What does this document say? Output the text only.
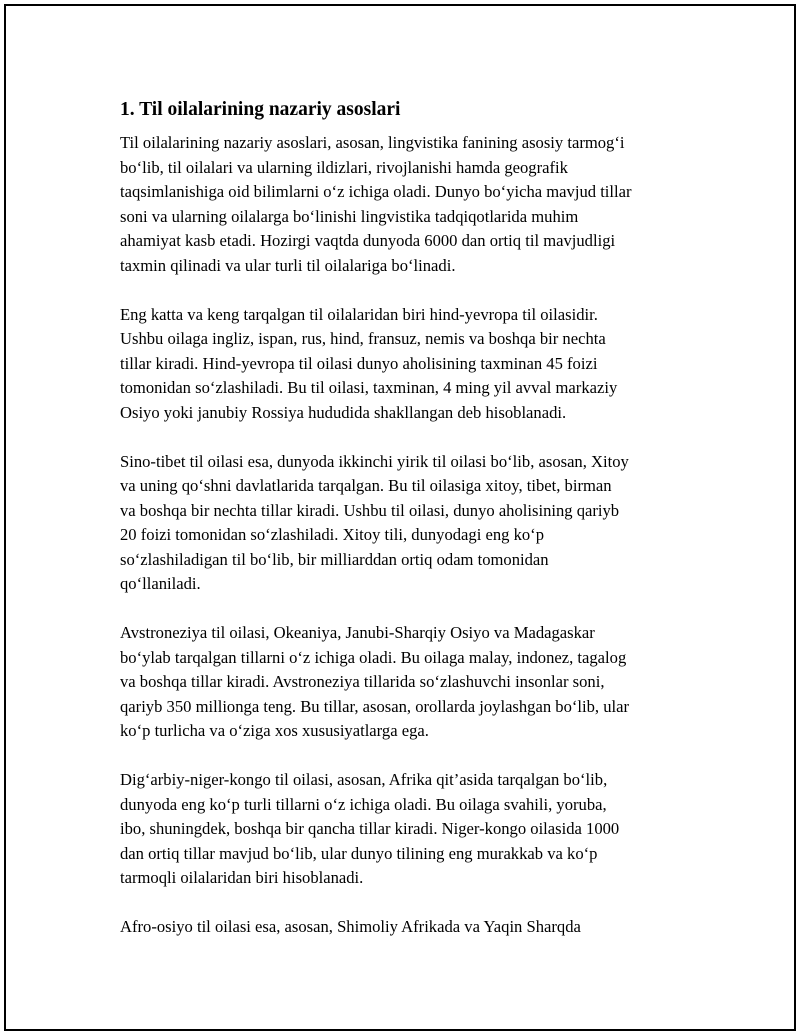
1. Til oilalarining nazariy asoslari

Til oilalarining nazariy asoslari, asosan, lingvistika fanining asosiy tarmog‘i
bo‘lib, til oilalari va ularning ildizlari, rivojlanishi hamda geografik
taqsimlanishiga oid bilimlarni o‘z ichiga oladi. Dunyo bo‘yicha mavjud tillar
soni va ularning oilalarga bo‘linishi lingvistika tadqiqotlarida muhim
ahamiyat kasb etadi. Hozirgi vaqtda dunyoda 6000 dan ortiq til mavjudligi
taxmin qilinadi va ular turli til oilalariga bo‘linadi.

Eng katta va keng tarqalgan til oilalaridan biri hind-yevropa til oilasidir.
Ushbu oilaga ingliz, ispan, rus, hind, fransuz, nemis va boshqa bir nechta
tillar kiradi. Hind-yevropa til oilasi dunyo aholisining taxminan 45 foizi
tomonidan so‘zlashiladi. Bu til oilasi, taxminan, 4 ming yil avval markaziy
Osiyo yoki janubiy Rossiya hududida shakllangan deb hisoblanadi.

Sino-tibet til oilasi esa, dunyoda ikkinchi yirik til oilasi bo‘lib, asosan, Xitoy
va uning qo‘shni davlatlarida tarqalgan. Bu til oilasiga xitoy, tibet, birman
va boshqa bir nechta tillar kiradi. Ushbu til oilasi, dunyo aholisining qariyb
20 foizi tomonidan so‘zlashiladi. Xitoy tili, dunyodagi eng ko‘p
so‘zlashiladigan til bo‘lib, bir milliarddan ortiq odam tomonidan
qo‘llaniladi.

Avstroneziya til oilasi, Okeaniya, Janubi-Sharqiy Osiyo va Madagaskar
bo‘ylab tarqalgan tillarni o‘z ichiga oladi. Bu oilaga malay, indonez, tagalog
va boshqa tillar kiradi. Avstroneziya tillarida so‘zlashuvchi insonlar soni,
qariyb 350 millionga teng. Bu tillar, asosan, orollarda joylashgan bo‘lib, ular
ko‘p turlicha va o‘ziga xos xususiyatlarga ega.

Dig‘arbiy-niger-kongo til oilasi, asosan, Afrika qit’asida tarqalgan bo‘lib,
dunyoda eng ko‘p turli tillarni o‘z ichiga oladi. Bu oilaga svahili, yoruba,
ibo, shuningdek, boshqa bir qancha tillar kiradi. Niger-kongo oilasida 1000
dan ortiq tillar mavjud bo‘lib, ular dunyo tilining eng murakkab va ko‘p
tarmoqli oilalaridan biri hisoblanadi.

Afro-osiyo til oilasi esa, asosan, Shimoliy Afrikada va Yaqin Sharqda
